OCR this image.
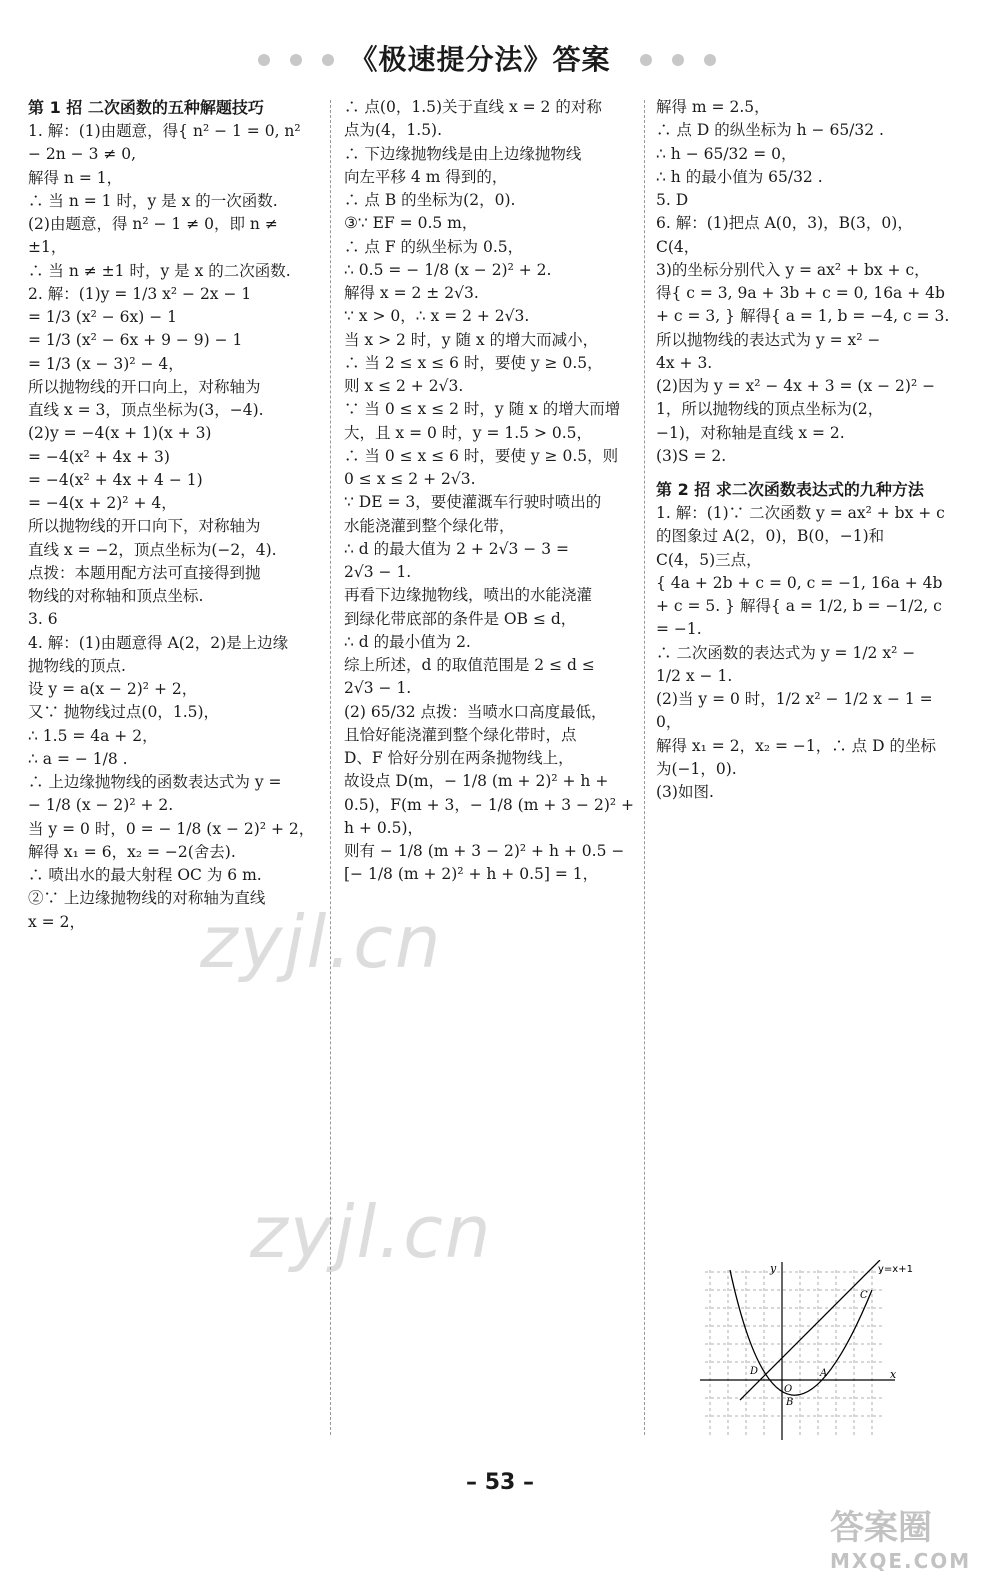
《极速提分法》答案

第 1 招 二次函数的五种解题技巧

1. 解：(1)由题意，得{ n² − 1 = 0, n² − 2n − 3 ≠ 0,

解得 n = 1，

∴ 当 n = 1 时，y 是 x 的一次函数.

(2)由题意，得 n² − 1 ≠ 0，即 n ≠ ±1，

∴ 当 n ≠ ±1 时，y 是 x 的二次函数.

2. 解：(1)y = 1/3 x² − 2x − 1

= 1/3 (x² − 6x) − 1

= 1/3 (x² − 6x + 9 − 9) − 1

= 1/3 (x − 3)² − 4，

所以抛物线的开口向上，对称轴为

直线 x = 3，顶点坐标为(3，−4).

(2)y = −4(x + 1)(x + 3)

= −4(x² + 4x + 3)

= −4(x² + 4x + 4 − 1)

= −4(x + 2)² + 4，

所以抛物线的开口向下，对称轴为

直线 x = −2，顶点坐标为(−2，4).

点拨：本题用配方法可直接得到抛

物线的对称轴和顶点坐标.

3. 6

4. 解：(1)由题意得 A(2，2)是上边缘

抛物线的顶点.

设 y = a(x − 2)² + 2，

又∵ 抛物线过点(0，1.5)，

∴ 1.5 = 4a + 2，

∴ a = − 1/8 .

∴ 上边缘抛物线的函数表达式为 y =

− 1/8 (x − 2)² + 2.

当 y = 0 时，0 = − 1/8 (x − 2)² + 2，

解得 x₁ = 6，x₂ = −2(舍去).

∴ 喷出水的最大射程 OC 为 6 m.

②∵ 上边缘抛物线的对称轴为直线

x = 2，

∴ 点(0，1.5)关于直线 x = 2 的对称

点为(4，1.5).

∴ 下边缘抛物线是由上边缘抛物线

向左平移 4 m 得到的，

∴ 点 B 的坐标为(2，0).

③∵ EF = 0.5 m，

∴ 点 F 的纵坐标为 0.5，

∴ 0.5 = − 1/8 (x − 2)² + 2.

解得 x = 2 ± 2√3.

∵ x > 0，∴ x = 2 + 2√3.

当 x > 2 时，y 随 x 的增大而减小，

∴ 当 2 ≤ x ≤ 6 时，要使 y ≥ 0.5，

则 x ≤ 2 + 2√3.

∵ 当 0 ≤ x ≤ 2 时，y 随 x 的增大而增

大，且 x = 0 时，y = 1.5 > 0.5，

∴ 当 0 ≤ x ≤ 6 时，要使 y ≥ 0.5，则

0 ≤ x ≤ 2 + 2√3.

∵ DE = 3，要使灌溉车行驶时喷出的

水能浇灌到整个绿化带，

∴ d 的最大值为 2 + 2√3 − 3 =

2√3 − 1.

再看下边缘抛物线，喷出的水能浇灌

到绿化带底部的条件是 OB ≤ d，

∴ d 的最小值为 2.

综上所述，d 的取值范围是 2 ≤ d ≤

2√3 − 1.

(2) 65/32 点拨：当喷水口高度最低，

且恰好能浇灌到整个绿化带时，点

D、F 恰好分别在两条抛物线上，

故设点 D(m，− 1/8 (m + 2)² + h +

0.5)，F(m + 3，− 1/8 (m + 3 − 2)² +

h + 0.5)，

则有 − 1/8 (m + 3 − 2)² + h + 0.5 −

[− 1/8 (m + 2)² + h + 0.5] = 1，

解得 m = 2.5，

∴ 点 D 的纵坐标为 h − 65/32 .

∴ h − 65/32 = 0，

∴ h 的最小值为 65/32 .

5. D

6. 解：(1)把点 A(0，3)，B(3，0)，C(4，

3)的坐标分别代入 y = ax² + bx + c，

得{ c = 3, 9a + 3b + c = 0, 16a + 4b + c = 3, } 解得{ a = 1, b = −4, c = 3.

所以抛物线的表达式为 y = x² −

4x + 3.

(2)因为 y = x² − 4x + 3 = (x − 2)² −

1，所以抛物线的顶点坐标为(2，

−1)，对称轴是直线 x = 2.

(3)S = 2.

第 2 招 求二次函数表达式的九种方法

1. 解：(1)∵ 二次函数 y = ax² + bx + c

的图象过 A(2，0)，B(0，−1)和

C(4，5)三点，

{ 4a + 2b + c = 0, c = −1, 16a + 4b + c = 5. } 解得{ a = 1/2, b = −1/2, c = −1.

∴ 二次函数的表达式为 y = 1/2 x² −

1/2 x − 1.

(2)当 y = 0 时，1/2 x² − 1/2 x − 1 = 0，

解得 x₁ = 2，x₂ = −1，∴ 点 D 的坐标

为(−1，0).

(3)如图.

y=x+1
y
x
O
A
B
C
D
zyjl.cn
zyjl.cn
– 53 –
答案圈
MXQE.COM
